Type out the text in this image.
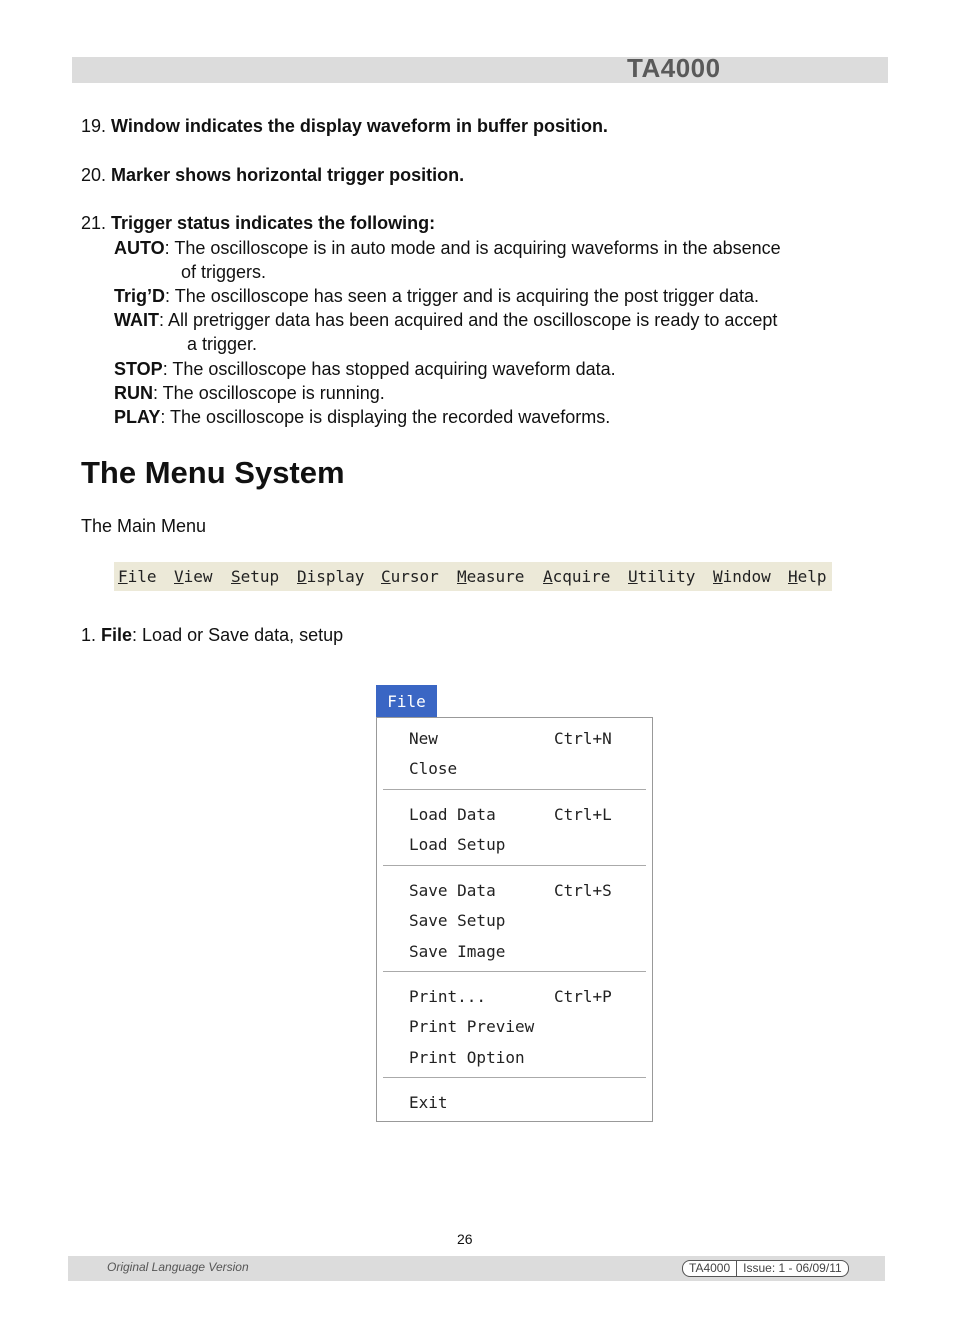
TA4000
19. Window indicates the display waveform in buffer position.
20. Marker shows horizontal trigger position.
21. Trigger status indicates the following:
AUTO: The oscilloscope is in auto mode and is acquiring waveforms in the absence
of triggers.
Trig’D: The oscilloscope has seen a trigger and is acquiring the post trigger data.
WAIT: All pretrigger data has been acquired and the oscilloscope is ready to accept
a trigger.
STOP: The oscilloscope has stopped acquiring waveform data.
RUN: The oscilloscope is running.
PLAY: The oscilloscope is displaying the recorded waveforms.
The Menu System
The Main Menu
File View Setup Display Cursor Measure Acquire Utility Window Help
1. File: Load or Save data, setup
File
New	Ctrl+N
Close
Load Data	Ctrl+L
Load Setup
Save Data	Ctrl+S
Save Setup
Save Image
Print...	Ctrl+P
Print Preview
Print Option
Exit
26
Original Language Version	TA4000	Issue: 1 - 06/09/11
